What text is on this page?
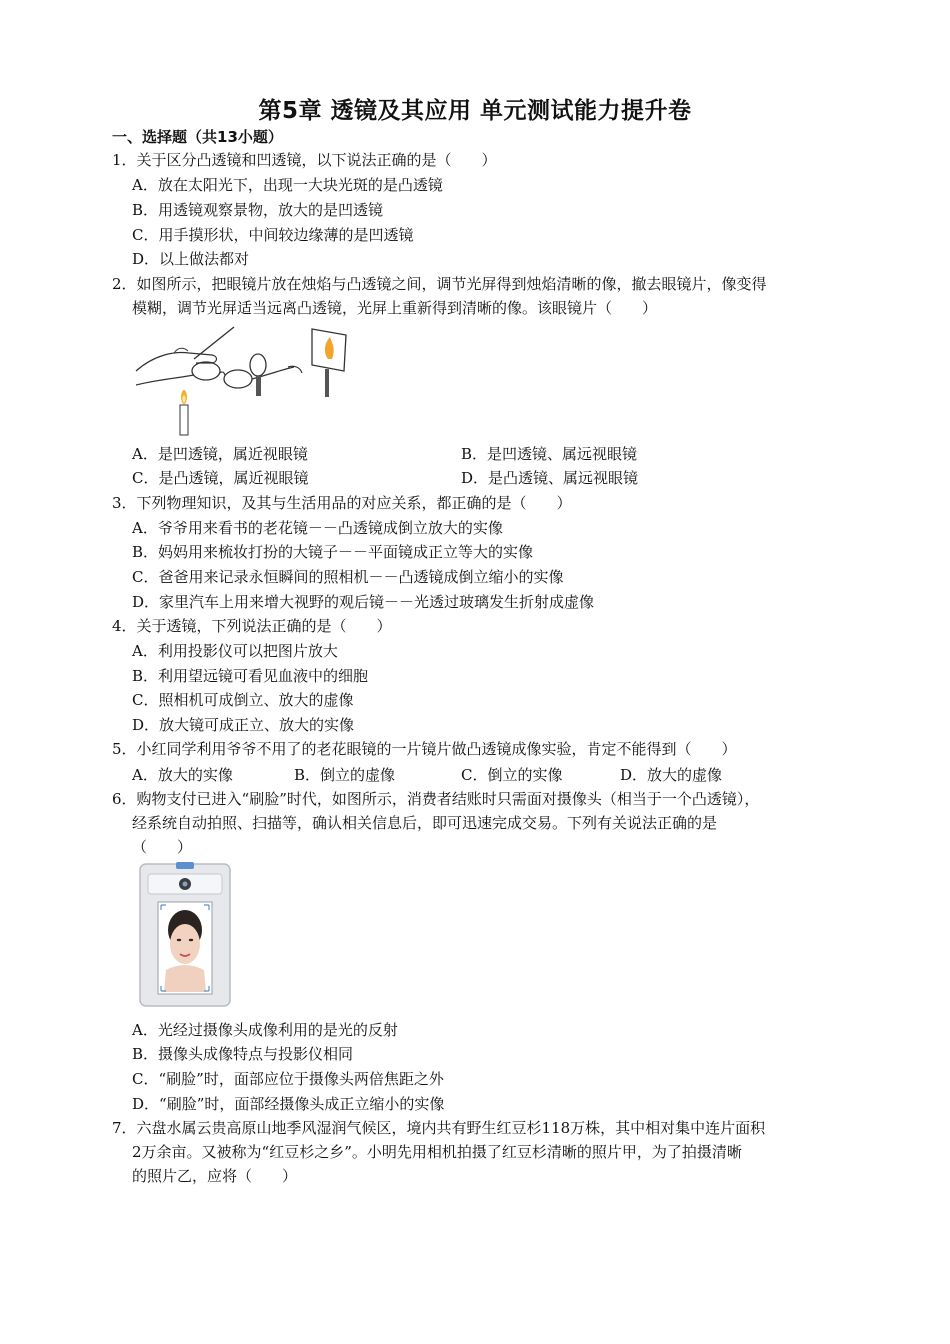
第5章 透镜及其应用 单元测试能力提升卷
一、选择题（共13小题）
1．关于区分凸透镜和凹透镜，以下说法正确的是（　　）
A．放在太阳光下，出现一大块光斑的是凸透镜
B．用透镜观察景物，放大的是凹透镜
C．用手摸形状，中间较边缘薄的是凹透镜
D．以上做法都对
2．如图所示，把眼镜片放在烛焰与凸透镜之间，调节光屏得到烛焰清晰的像，撤去眼镜片，像变得
模糊，调节光屏适当远离凸透镜，光屏上重新得到清晰的像。该眼镜片（　　）
A．是凹透镜，属近视眼镜	B．是凹透镜、属远视眼镜
C．是凸透镜，属近视眼镜	D．是凸透镜、属远视眼镜
3．下列物理知识，及其与生活用品的对应关系，都正确的是（　　）
A．爷爷用来看书的老花镜－－凸透镜成倒立放大的实像
B．妈妈用来梳妆打扮的大镜子－－平面镜成正立等大的实像
C．爸爸用来记录永恒瞬间的照相机－－凸透镜成倒立缩小的实像
D．家里汽车上用来增大视野的观后镜－－光透过玻璃发生折射成虚像
4．关于透镜，下列说法正确的是（　　）
A．利用投影仪可以把图片放大
B．利用望远镜可看见血液中的细胞
C．照相机可成倒立、放大的虚像
D．放大镜可成正立、放大的实像
5．小红同学利用爷爷不用了的老花眼镜的一片镜片做凸透镜成像实验，肯定不能得到（　　）
A．放大的实像	B．倒立的虚像	C．倒立的实像	D．放大的虚像
6．购物支付已进入“刷脸”时代，如图所示，消费者结账时只需面对摄像头（相当于一个凸透镜），
经系统自动拍照、扫描等，确认相关信息后，即可迅速完成交易。下列有关说法正确的是
（　　）
A．光经过摄像头成像利用的是光的反射
B．摄像头成像特点与投影仪相同
C．“刷脸”时，面部应位于摄像头两倍焦距之外
D．“刷脸”时，面部经摄像头成正立缩小的实像
7．六盘水属云贵高原山地季风湿润气候区，境内共有野生红豆杉118万株，其中相对集中连片面积
2万余亩。又被称为“红豆杉之乡”。小明先用相机拍摄了红豆杉清晰的照片甲，为了拍摄清晰
的照片乙，应将（　　）
